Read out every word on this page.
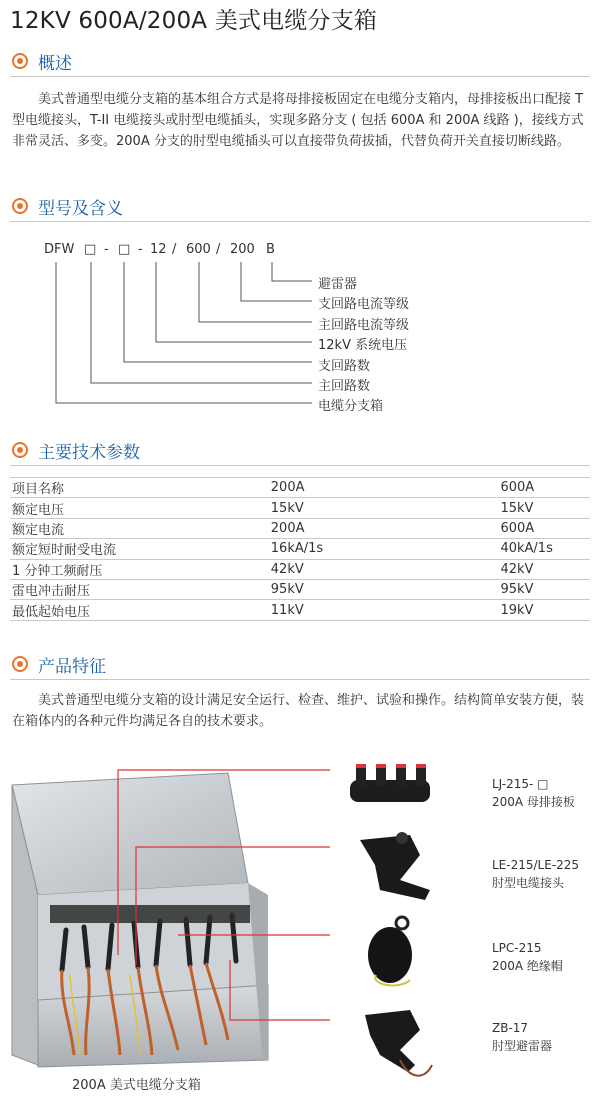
12KV 600A/200A 美式电缆分支箱
概述
美式普通型电缆分支箱的基本组合方式是将母排接板固定在电缆分支箱内，母排接板出口配接 T 型电缆接头，T-II 电缆接头或肘型电缆插头，实现多路分支 ( 包括 600A 和 200A 线路 )，接线方式非常灵活、多变。200A 分支的肘型电缆插头可以直接带负荷拔插，代替负荷开关直接切断线路。
型号及含义
DFW □ - □ - 12 / 600 / 200 B
避雷器
支回路电流等级
主回路电流等级
12kV 系统电压
支回路数
主回路数
电缆分支箱
主要技术参数
项目名称	200A	600A
额定电压	15kV	15kV
额定电流	200A	600A
额定短时耐受电流	16kA/1s	40kA/1s
1 分钟工频耐压	42kV	42kV
雷电冲击耐压	95kV	95kV
最低起始电压	11kV	19kV
产品特征
美式普通型电缆分支箱的设计满足安全运行、检查、维护、试验和操作。结构简单安装方便，装在箱体内的各种元件均满足各自的技术要求。
LJ-215- □
200A 母排接板
LE-215/LE-225
肘型电缆接头
LPC-215
200A 绝缘帽
ZB-17
肘型避雷器
200A 美式电缆分支箱
